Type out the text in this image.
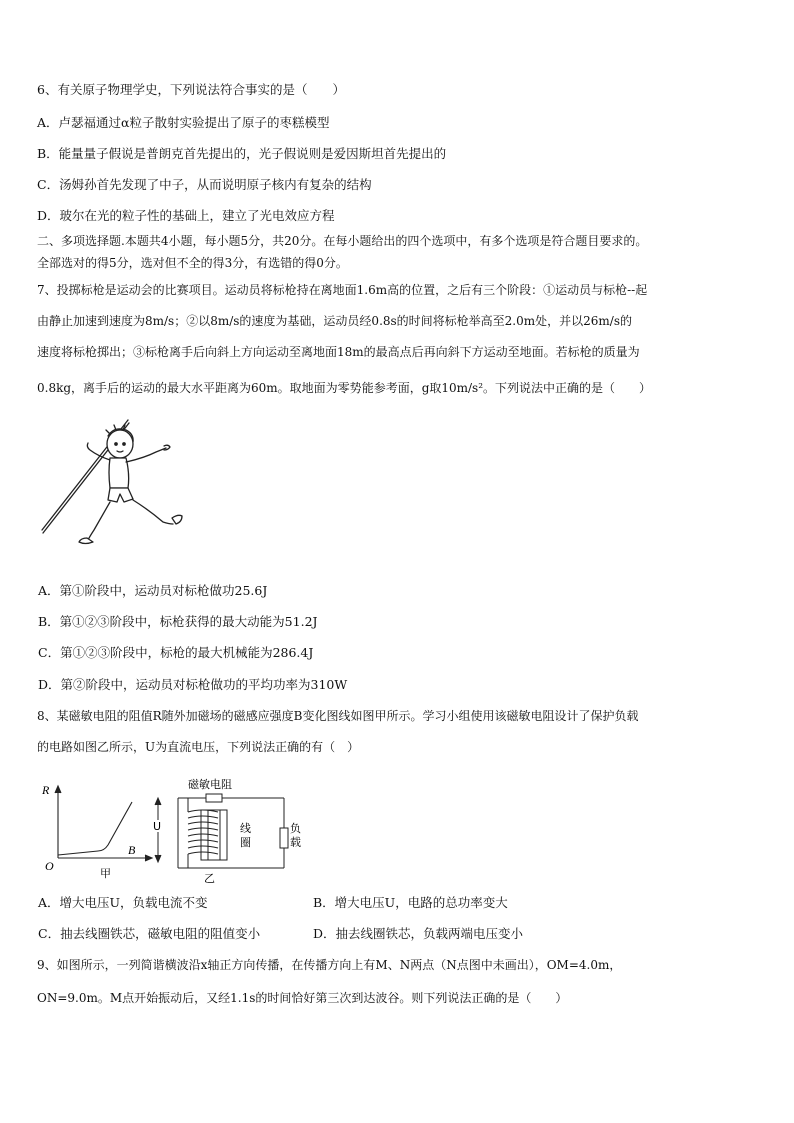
6、有关原子物理学史，下列说法符合事实的是（　　）
A．卢瑟福通过α粒子散射实验提出了原子的枣糕模型
B．能量量子假说是普朗克首先提出的，光子假说则是爱因斯坦首先提出的
C．汤姆孙首先发现了中子，从而说明原子核内有复杂的结构
D．玻尔在光的粒子性的基础上，建立了光电效应方程
二、多项选择题.本题共4小题，每小题5分，共20分。在每小题给出的四个选项中，有多个选项是符合题目要求的。
全部选对的得5分，选对但不全的得3分，有选错的得0分。
7、投掷标枪是运动会的比赛项目。运动员将标枪持在离地面1.6m高的位置，之后有三个阶段：①运动员与标枪--起
由静止加速到速度为8m/s；②以8m/s的速度为基础，运动员经0.8s的时间将标枪举高至2.0m处，并以26m/s的
速度将标枪掷出；③标枪离手后向斜上方向运动至离地面18m的最高点后再向斜下方运动至地面。若标枪的质量为
0.8kg，离手后的运动的最大水平距离为60m。取地面为零势能参考面，g取10m/s²。下列说法中正确的是（　　）
A．第①阶段中，运动员对标枪做功25.6J
B．第①②③阶段中，标枪获得的最大动能为51.2J
C．第①②③阶段中，标枪的最大机械能为286.4J
D．第②阶段中，运动员对标枪做功的平均功率为310W
8、某磁敏电阻的阻值R随外加磁场的磁感应强度B变化图线如图甲所示。学习小组使用该磁敏电阻设计了保护负载
的电路如图乙所示，U为直流电压，下列说法正确的有（　）
R
B
O
甲
磁敏电阻
U	线
圈
负
载
乙
A．增大电压U，负载电流不变	B．增大电压U，电路的总功率变大
C．抽去线圈铁芯，磁敏电阻的阻值变小	D．抽去线圈铁芯，负载两端电压变小
9、如图所示，一列简谐横波沿x轴正方向传播，在传播方向上有M、N两点（N点图中未画出），OM=4.0m，
ON=9.0m。M点开始振动后，又经1.1s的时间恰好第三次到达波谷。则下列说法正确的是（　　）
